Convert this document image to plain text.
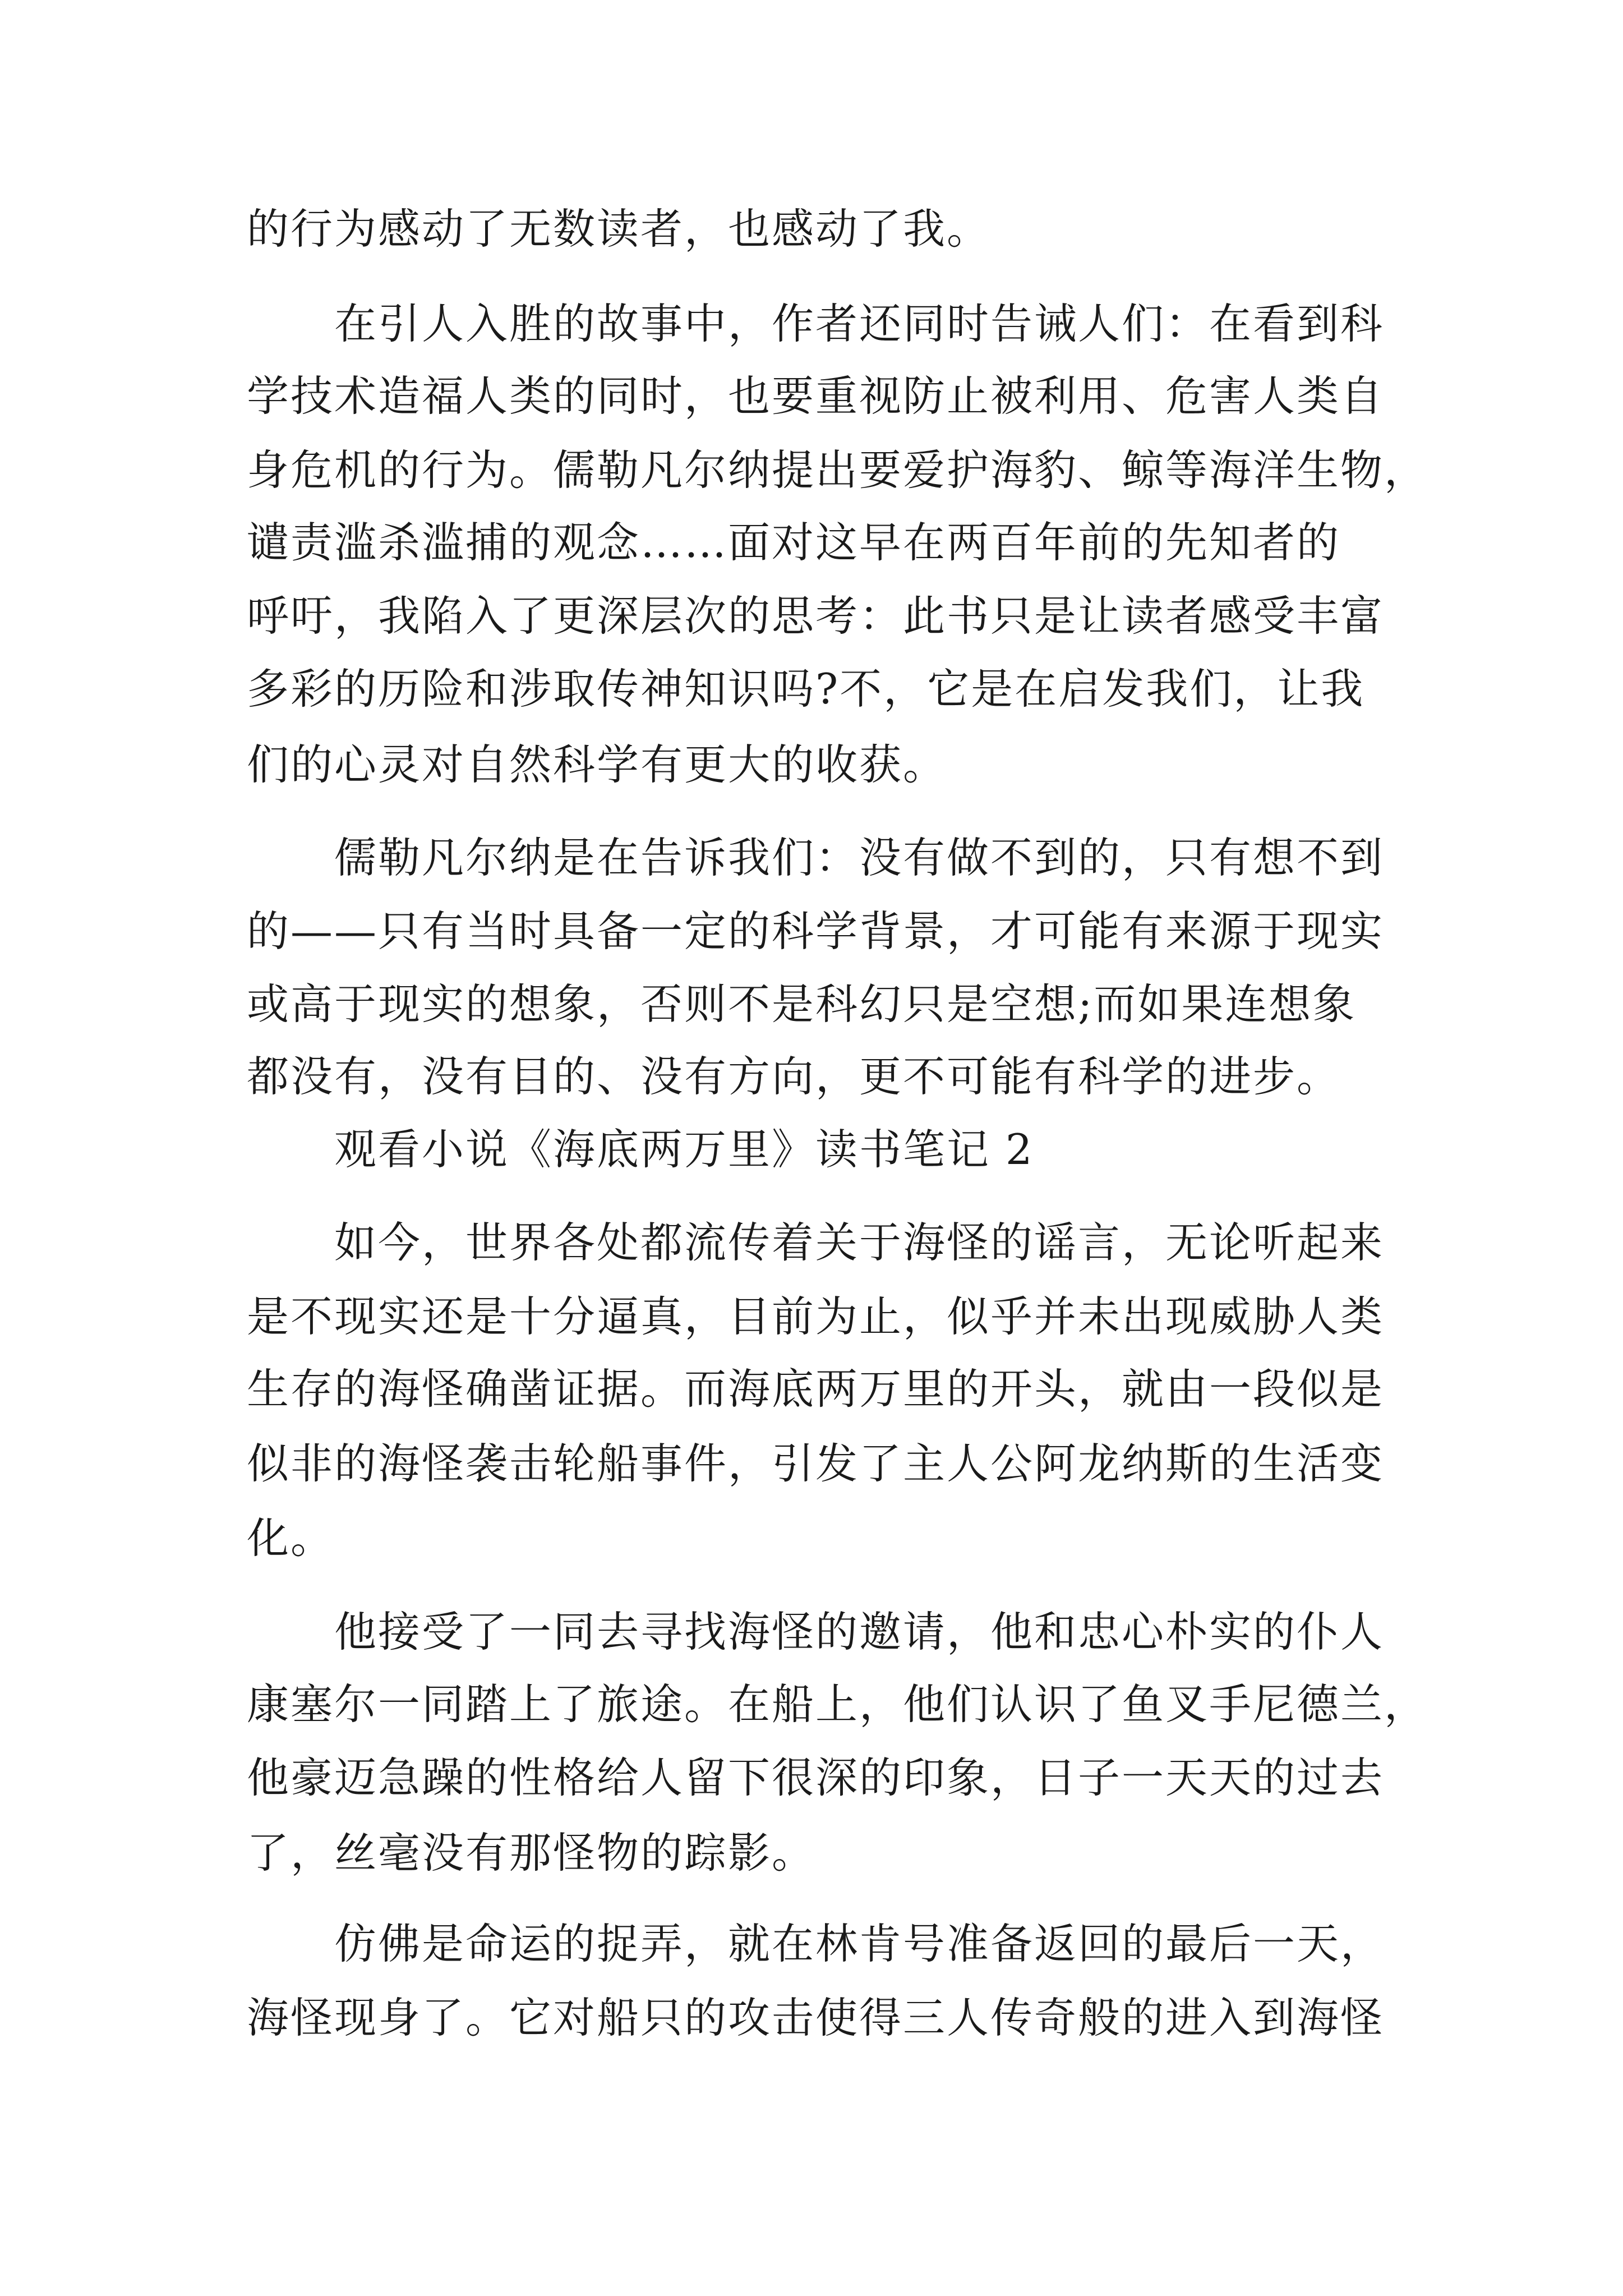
的行为感动了无数读者，也感动了我。
在引人入胜的故事中，作者还同时告诫人们：在看到科
学技术造福人类的同时，也要重视防止被利用、危害人类自
身危机的行为。儒勒凡尔纳提出要爱护海豹、鲸等海洋生物，
谴责滥杀滥捕的观念……面对这早在两百年前的先知者的
呼吁，我陷入了更深层次的思考：此书只是让读者感受丰富
多彩的历险和涉取传神知识吗?不，它是在启发我们，让我
们的心灵对自然科学有更大的收获。
儒勒凡尔纳是在告诉我们：没有做不到的，只有想不到
的——只有当时具备一定的科学背景，才可能有来源于现实
或高于现实的想象，否则不是科幻只是空想;而如果连想象
都没有，没有目的、没有方向，更不可能有科学的进步。
观看小说《海底两万里》读书笔记 2
如今，世界各处都流传着关于海怪的谣言，无论听起来
是不现实还是十分逼真，目前为止，似乎并未出现威胁人类
生存的海怪确凿证据。而海底两万里的开头，就由一段似是
似非的海怪袭击轮船事件，引发了主人公阿龙纳斯的生活变
化。
他接受了一同去寻找海怪的邀请，他和忠心朴实的仆人
康塞尔一同踏上了旅途。在船上，他们认识了鱼叉手尼德兰，
他豪迈急躁的性格给人留下很深的印象，日子一天天的过去
了，丝毫没有那怪物的踪影。
仿佛是命运的捉弄，就在林肯号准备返回的最后一天，
海怪现身了。它对船只的攻击使得三人传奇般的进入到海怪
